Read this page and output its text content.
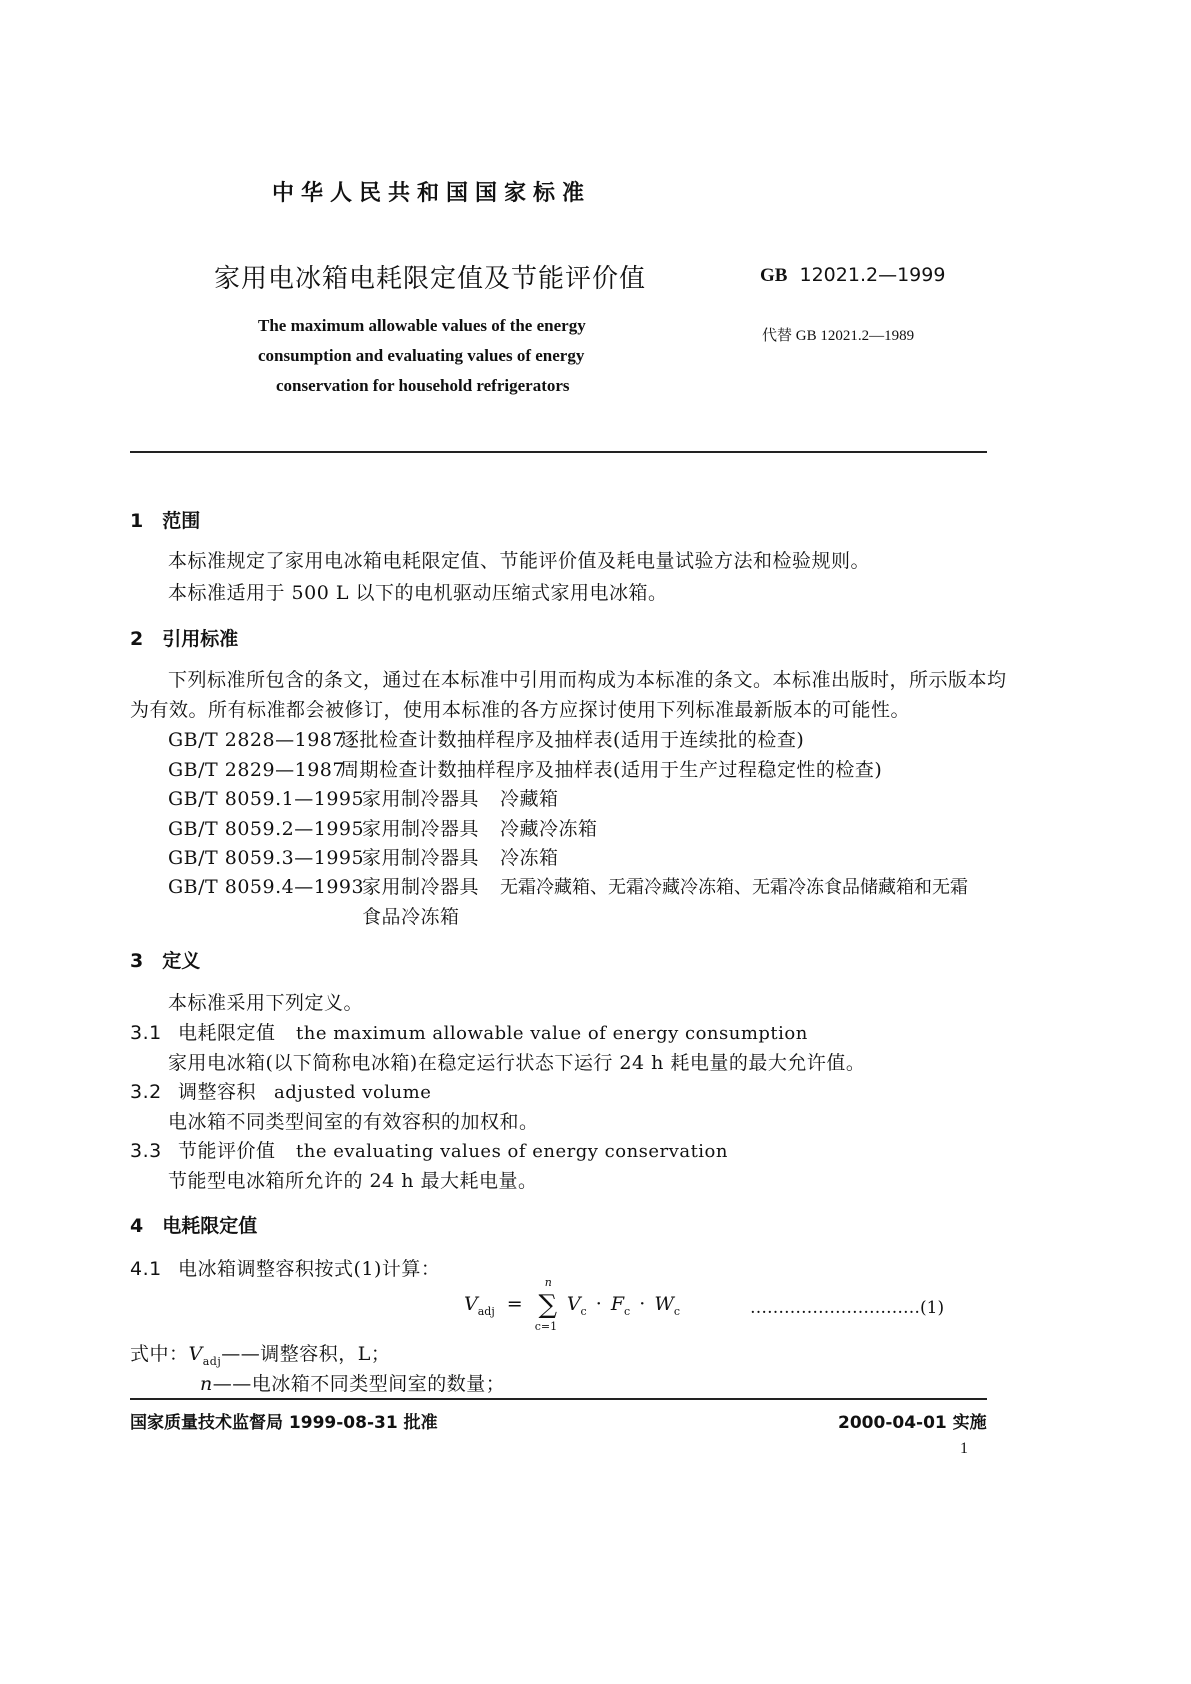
中华人民共和国国家标准
家用电冰箱电耗限定值及节能评价值	GB 12021.2—1999
The maximum allowable values of the energy
consumption and evaluating values of energy
conservation for household refrigerators
代替 GB 12021.2—1989
1　范围
本标准规定了家用电冰箱电耗限定值、节能评价值及耗电量试验方法和检验规则。
本标准适用于 500 L 以下的电机驱动压缩式家用电冰箱。
2　引用标准
下列标准所包含的条文，通过在本标准中引用而构成为本标准的条文。本标准出版时，所示版本均
为有效。所有标准都会被修订，使用本标准的各方应探讨使用下列标准最新版本的可能性。
GB/T 2828—1987逐批检查计数抽样程序及抽样表(适用于连续批的检查)
GB/T 2829—1987周期检查计数抽样程序及抽样表(适用于生产过程稳定性的检查)
GB/T 8059.1—1995家用制冷器具 冷藏箱
GB/T 8059.2—1995家用制冷器具 冷藏冷冻箱
GB/T 8059.3—1995家用制冷器具 冷冻箱
GB/T 8059.4—1993家用制冷器具 无霜冷藏箱、无霜冷藏冷冻箱、无霜冷冻食品储藏箱和无霜
食品冷冻箱
3　定义
本标准采用下列定义。
3.1 电耗限定值 the maximum allowable value of energy consumption
家用电冰箱(以下简称电冰箱)在稳定运行状态下运行 24 h 耗电量的最大允许值。
3.2 调整容积 adjusted volume
电冰箱不同类型间室的有效容积的加权和。
3.3 节能评价值 the evaluating values of energy conservation
节能型电冰箱所允许的 24 h 最大耗电量。
4　电耗限定值
4.1 电冰箱调整容积按式(1)计算：
$V_{adj}$ = ∑
n
c=1
$V_c \cdot F_c \cdot W_c$	…………………………(1)
式中：$V_{adj}——$调整容积，L；
n——电冰箱不同类型间室的数量；
国家质量技术监督局 1999-08-31 批准	2000-04-01 实施
1
